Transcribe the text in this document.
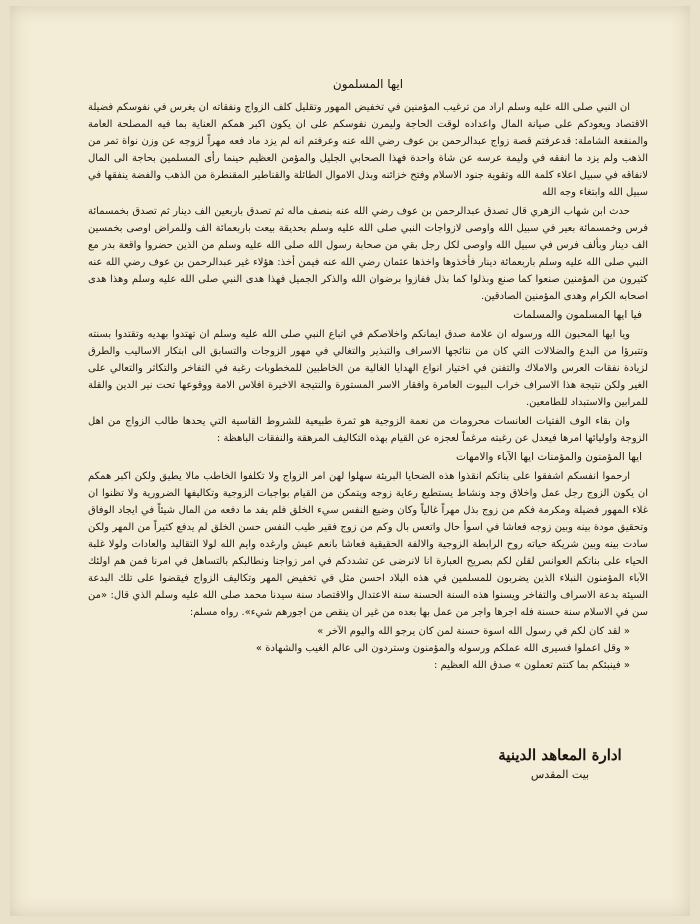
ايها المسلمون

ان النبي صلى الله عليه وسلم اراد من ترغيب المؤمنين في تخفيض المهور وتقليل كلف الزواج ونفقاته ان يغرس في نفوسكم فضيلة الاقتصاد ويعودكم على صيانة المال واعداده لوقت الحاجة وليمرن نفوسكم على ان يكون اكبر همكم العناية بما فيه المصلحة العامة والمنفعة الشاملة: قدعرفتم قصة زواج عبدالرحمن بن عوف رضي الله عنه وعرفتم انه لم يزد ماد فعه مهراً لزوجه عن وزن نواة تمر من الذهب ولم يزد ما انفقه في وليمة عرسه عن شاة واحدة فهذا الصحابي الجليل والمؤمن العظيم حينما رأى المسلمين بحاجة الى المال لانفاقه في سبيل اعلاء كلمة الله وتقوية جنود الاسلام وفتح خزائنه وبذل الاموال الطائلة والقناطير المقنطرة من الذهب والفضة ينفقها في سبيل الله وابتغاء وجه الله

حدث ابن شهاب الزهري قال تصدق عبدالرحمن بن عوف رضي الله عنه بنصف ماله ثم تصدق باربعين الف دينار ثم تصدق بخمسمائة فرس وخمسمائة بعير في سبيل الله واوصى لازواجات النبي صلى الله عليه وسلم بحديقة بيعت باربعمائة الف وللمراض اوصى بخمسين الف دينار وبألف فرس في سبيل الله واوصى لكل رجل بقي من صحابة رسول الله صلى الله عليه وسلم من الذين حضروا واقعة بدر مع النبي صلى الله عليه وسلم باربعمائة دينار فأخذوها واخذها عثمان رضي الله عنه فيمن أخذ: هؤلاء غير عبدالرحمن بن عوف رضي الله عنه كثيرون من المؤمنين صنعوا كما صنع وبذلوا كما بذل ففازوا برضوان الله والذكر الجميل فهذا هدى النبي صلى الله عليه وسلم وهذا هدى اصحابه الكرام وهدى المؤمنين الصادقين.

فيا ايها المسلمون والمسلمات

ويا ايها المحبون الله ورسوله ان علامة صدق ايمانكم واخلاصكم في اتباع النبي صلى الله عليه وسلم ان تهتدوا بهديه وتقتدوا بسنته وتتبرؤا من البدع والضلالات التي كان من نتائجها الاسراف والتبذير والتغالي في مهور الزوجات والتسابق الى ابتكار الاساليب والطرق لزيادة نفقات العرس والاملاك والتفنن في اختيار انواع الهدايا الغالية من الخاطبين للمخطوبات رغبة في التفاخر والتكاثر والتعالي على الغير ولكن نتيجة هذا الاسراف خراب البيوت العامرة وافقار الاسر المستورة والنتيجة الاخيرة افلاس الامة ووقوعها تحت نير الدين والقلة للمرابين والاستبداد للطامعين.

وان بقاء الوف الفتيات العانسات محرومات من نعمة الزوجية هو ثمرة طبيعية للشروط القاسية التي يحدها طالب الزواج من اهل الزوجة واوليائها امرها فيعدل عن رغبته مرغماً لعجزه عن القيام بهذه التكاليف المرهقة والنفقات الباهظة :

ايها المؤمنون والمؤمنات ايها الآباء والامهات

ارحموا انفسكم اشفقوا على بناتكم انقذوا هذه الضحايا البريئة سهلوا لهن امر الزواج ولا تكلفوا الخاطب مالا يطيق ولكن اكبر همكم ان يكون الزوج رجل عمل واخلاق وجد ونشاط يستطيع رعاية زوجه ويتمكن من القيام بواجبات الزوجية وتكاليفها الضرورية ولا تظنوا ان غلاء المهور فضيلة ومكرمة فكم من زوج بذل مهراً غالياً وكان وضيع النفس سيء الخلق فلم يفد ما دفعه من المال شيئاً في ايجاد الوفاق وتحقيق مودة بينه وبين زوجه فعاشا في اسوأ حال واتعس بال وكم من زوج فقير طيب النفس حسن الخلق لم يدفع كثيراً من المهر ولكن سادت بينه وبين شريكة حياته روح الرابطة الزوجية والالفة الحقيقية فعاشا بانعم عيش وارغده وايم الله لولا التقاليد والعادات ولولا غلبة الحياء على بناتكم العوانس لقلن لكم بصريح العبارة انا لانرضى عن تشددكم في امر زواجنا ونطالبكم بالتساهل في امرنا فمن هم اولئك الآباء المؤمنون النبلاء الذين يضربون للمسلمين في هذه البلاد احسن مثل في تخفيض المهر وتكاليف الزواج فيقضوا على تلك البدعة السيئة بدعة الاسراف والتفاخر ويسنوا هذه السنة الحسنة سنة الاعتدال والاقتصاد سنة سيدنا محمد صلى الله عليه وسلم الذي قال: «من سن في الاسلام سنة حسنة فله اجرها واجر من عمل بها بعده من غير ان ينقص من اجورهم شيء». رواه مسلم:

« لقد كان لكم في رسول الله اسوة حسنة لمن كان يرجو الله واليوم الآخر »

« وقل اعملوا فسيرى الله عملكم ورسوله والمؤمنون وستردون الى عالم الغيب والشهادة »

« فينبئكم بما كنتم تعملون » صدق الله العظيم :

ادارة المعاهد الدينية
بيت المقدس
